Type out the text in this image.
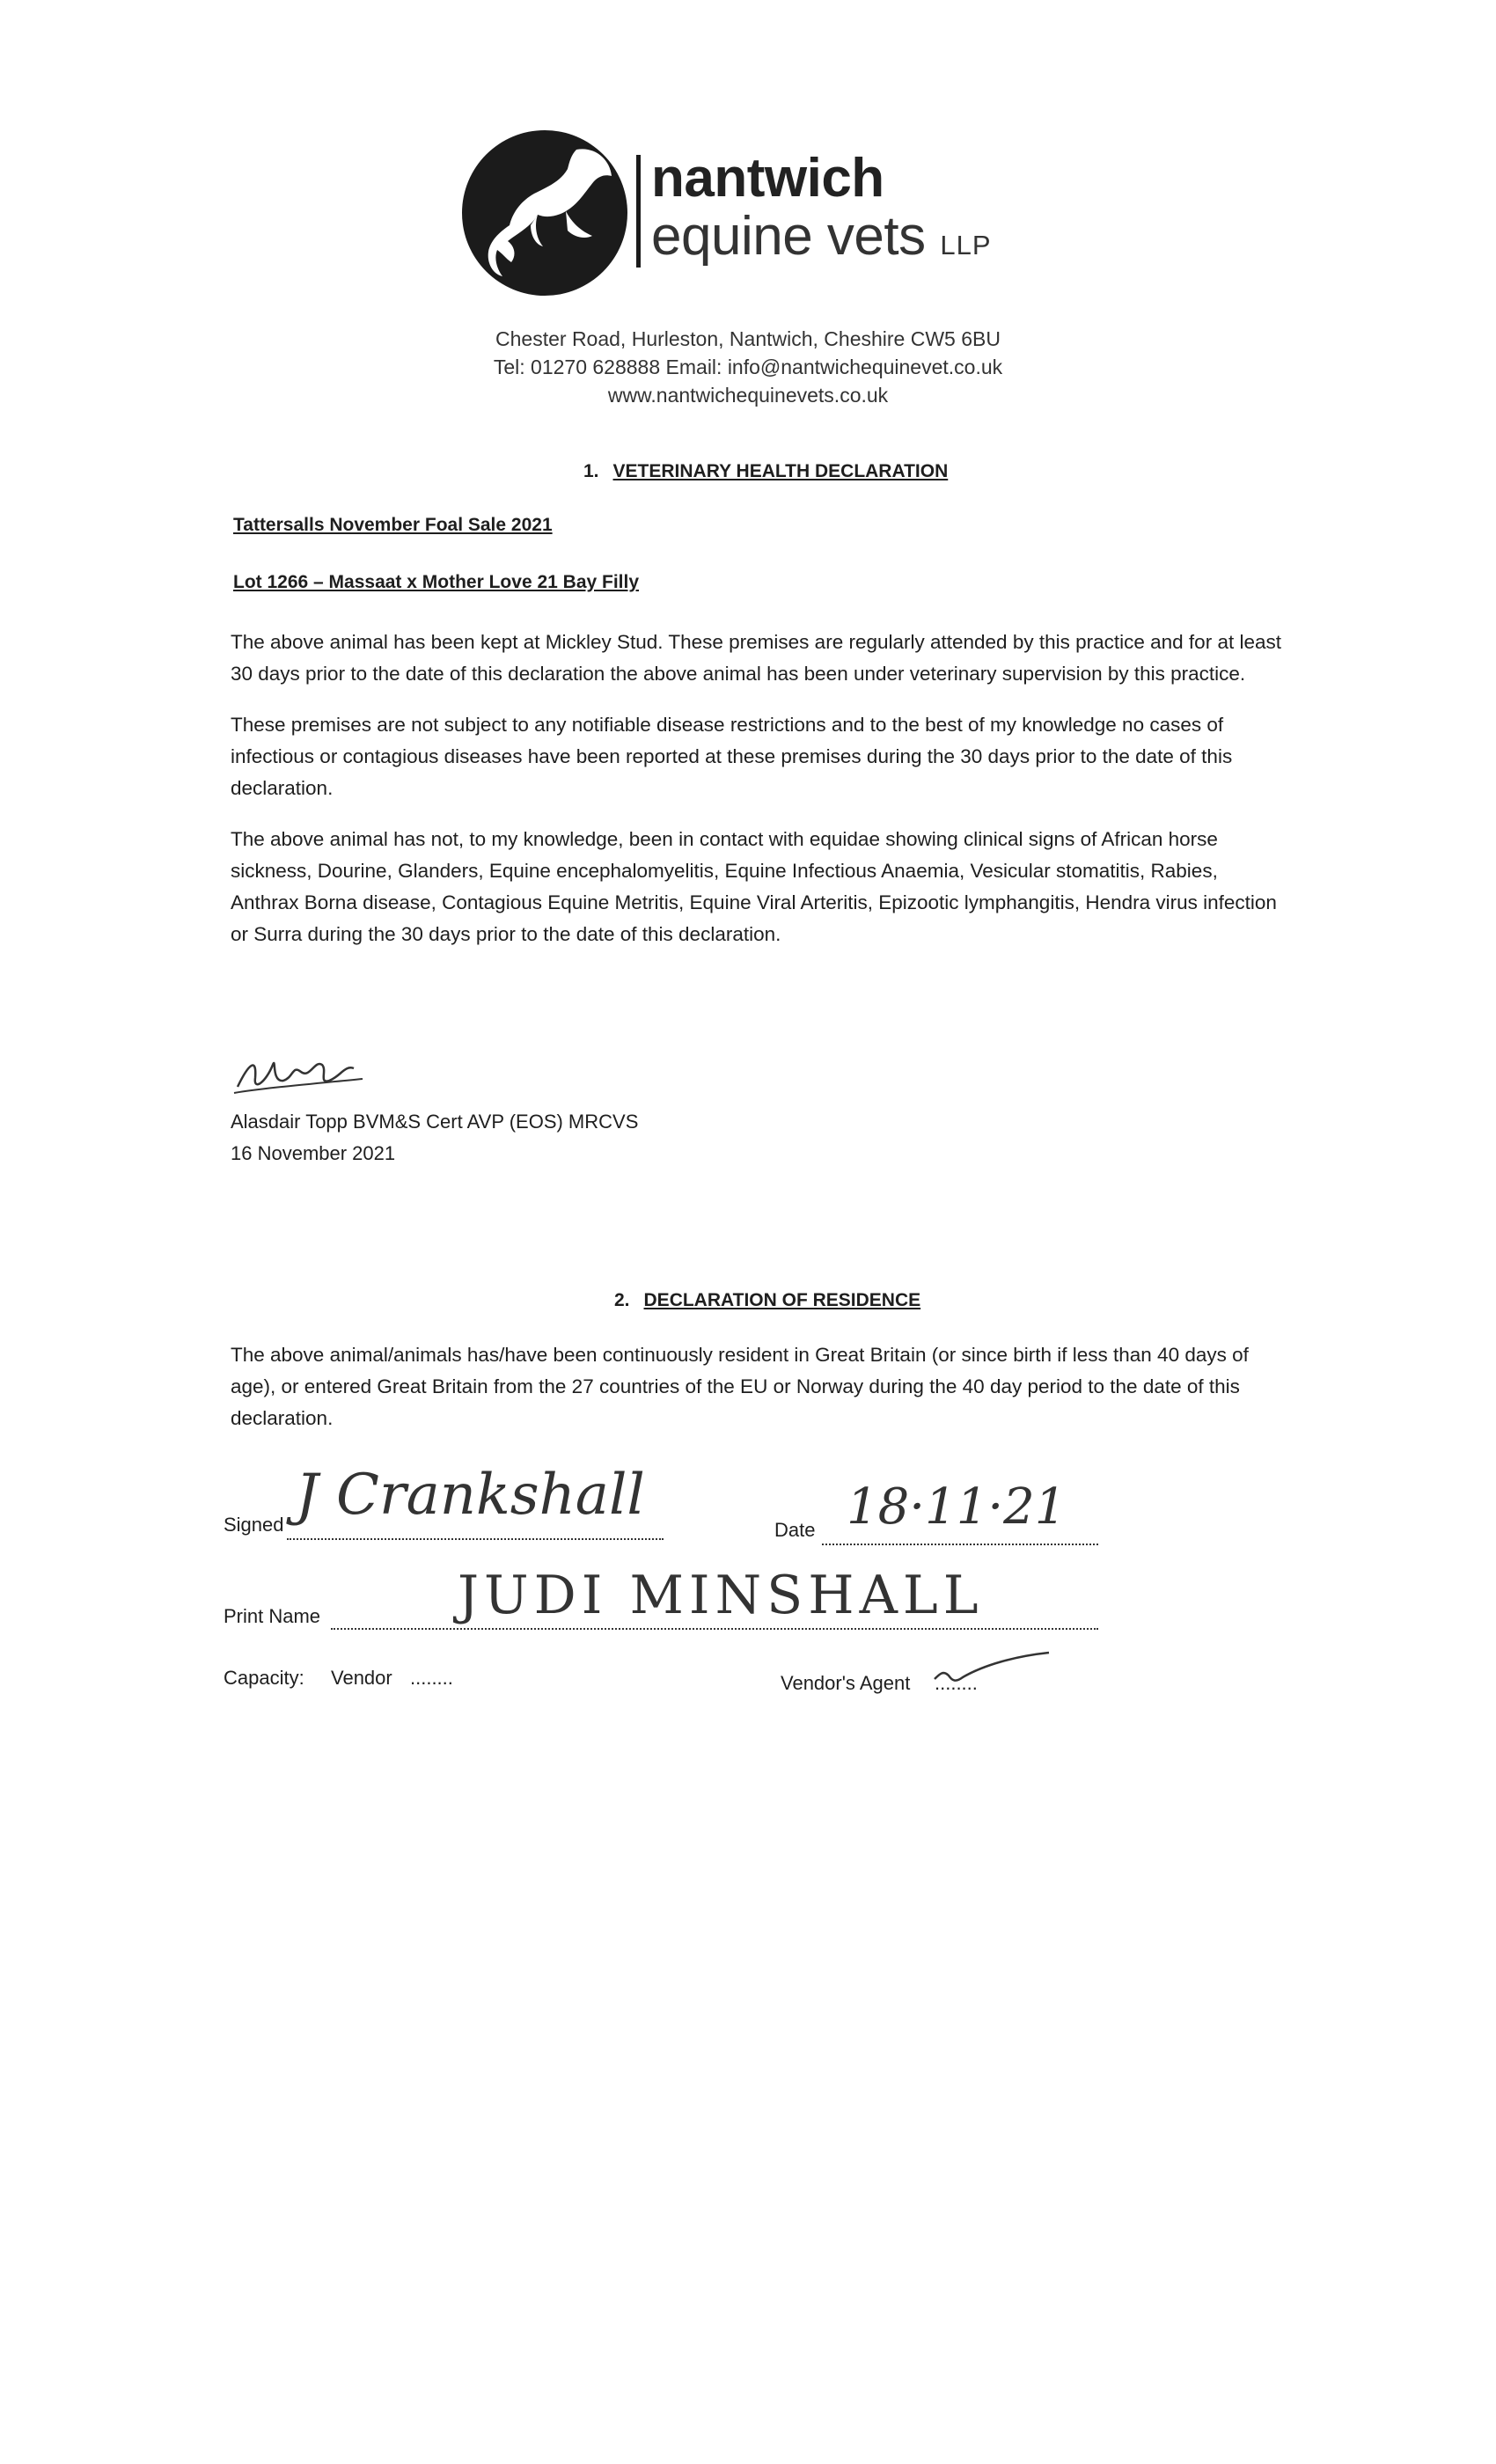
nantwich
equine vets LLP
Chester Road, Hurleston, Nantwich, Cheshire CW5 6BU
Tel: 01270 628888 Email: info@nantwichequinevet.co.uk
www.nantwichequinevets.co.uk
1. VETERINARY HEALTH DECLARATION
Tattersalls November Foal Sale 2021
Lot 1266 – Massaat x Mother Love 21 Bay Filly

The above animal has been kept at Mickley Stud. These premises are regularly attended by this practice and for at least 30 days prior to the date of this declaration the above animal has been under veterinary supervision by this practice.

These premises are not subject to any notifiable disease restrictions and to the best of my knowledge no cases of infectious or contagious diseases have been reported at these premises during the 30 days prior to the date of this declaration.

The above animal has not, to my knowledge, been in contact with equidae showing clinical signs of African horse sickness, Dourine, Glanders, Equine encephalomyelitis, Equine Infectious Anaemia, Vesicular stomatitis, Rabies, Anthrax Borna disease, Contagious Equine Metritis, Equine Viral Arteritis, Epizootic lymphangitis, Hendra virus infection or Surra during the 30 days prior to the date of this declaration.

Alasdair Topp BVM&S Cert AVP (EOS) MRCVS
16 November 2021
2. DECLARATION OF RESIDENCE

The above animal/animals has/have been continuously resident in Great Britain (or since birth if less than 40 days of age), or entered Great Britain from the 27 countries of the EU or Norway during the 40 day period to the date of this declaration.

Signed J Crankshall
Date 18·11·21
Print Name	JUDI MINSHALL
Capacity: Vendor ........	Vendor's Agent ........
